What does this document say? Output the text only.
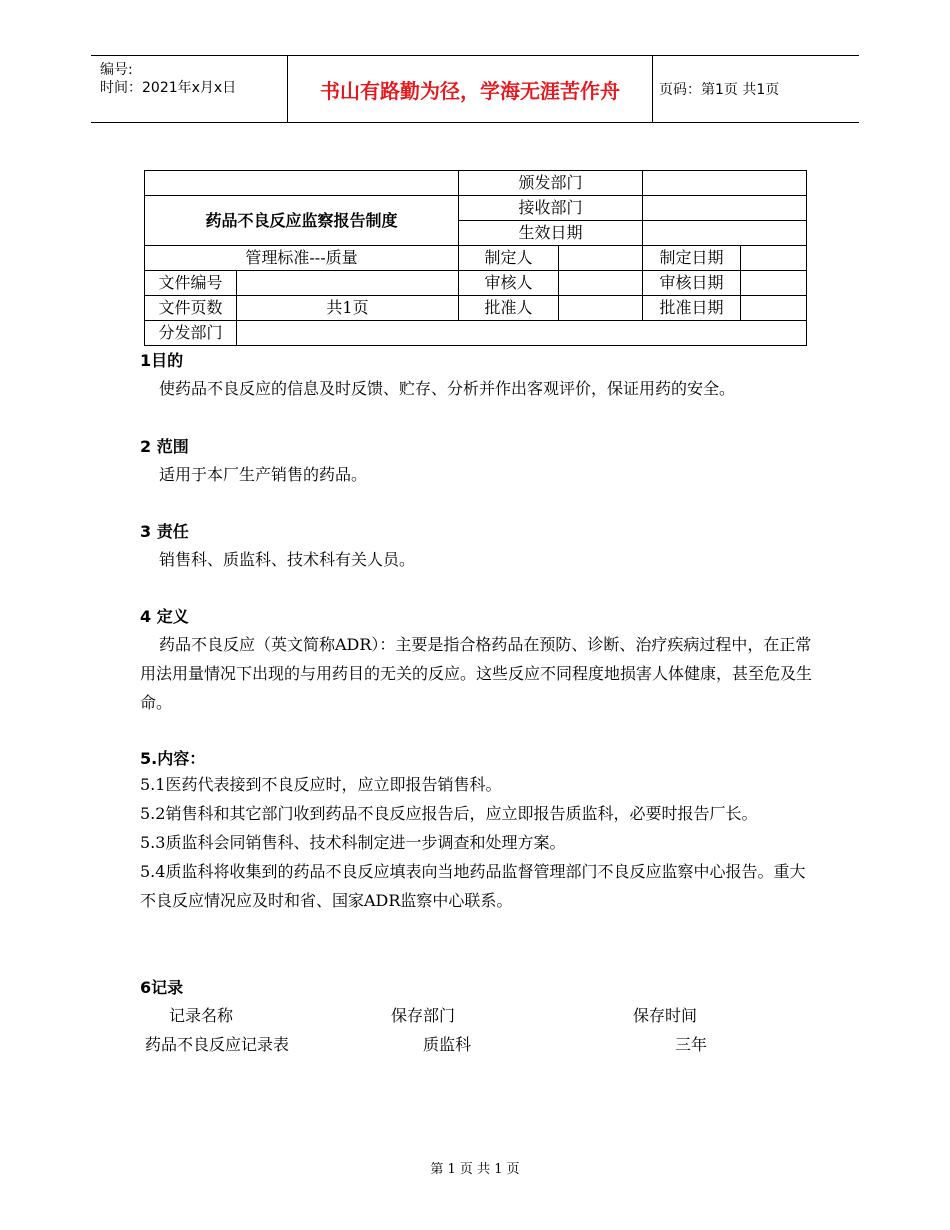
编号:
时间：2021年x月x日	书山有路勤为径，学海无涯苦作舟	页码：第1页 共1页
		颁发部门			
药品不良反应监察报告制度		接收部门			
		生效日期			
管理标准---质量		制定人		制定日期	
文件编号		审核人		审核日期	
文件页数	共1页	批准人		批准日期	
分发部门					
1目的
使药品不良反应的信息及时反馈、贮存、分析并作出客观评价，保证用药的安全。
2 范围
适用于本厂生产销售的药品。
3 责任
销售科、质监科、技术科有关人员。
4 定义
药品不良反应（英文简称ADR）：主要是指合格药品在预防、诊断、治疗疾病过程中，在正常用法用量情况下出现的与用药目的无关的反应。这些反应不同程度地损害人体健康，甚至危及生命。
5.内容：
5.1医药代表接到不良反应时，应立即报告销售科。
5.2销售科和其它部门收到药品不良反应报告后，应立即报告质监科，必要时报告厂长。
5.3质监科会同销售科、技术科制定进一步调查和处理方案。
5.4质监科将收集到的药品不良反应填表向当地药品监督管理部门不良反应监察中心报告。重大不良反应情况应及时和省、国家ADR监察中心联系。
6记录
记录名称	保存部门	保存时间
药品不良反应记录表	质监科	三年
第 1 页 共 1 页
